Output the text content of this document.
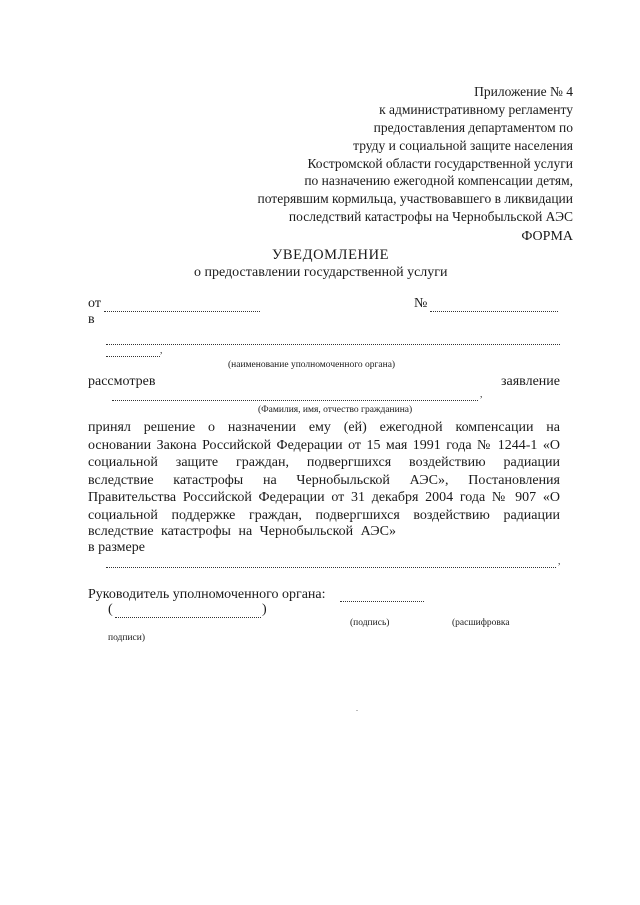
Приложение № 4
к административному регламенту
предоставления департаментом по
труду и социальной защите населения
Костромской области государственной услуги
по назначению ежегодной компенсации детям,
потерявшим кормильца, участвовавшего в ликвидации
последствий катастрофы на Чернобыльской АЭС
ФОРМА
УВЕДОМЛЕНИЕ
о предоставлении государственной услуги
от	№
в
,
(наименование уполномоченного органа)
рассмотрев	заявление
,
(Фамилия, имя, отчество гражданина)
принял решение о назначении ему (ей) ежегодной компенсации на
основании Закона Российской Федерации от 15 мая 1991 года № 1244-1 «О
социальной защите граждан, подвергшихся воздействию радиации
вследствие катастрофы на Чернобыльской АЭС», Постановления
Правительства Российской Федерации от 31 декабря 2004 года № 907 «О
социальной поддержке граждан, подвергшихся воздействию радиации
вследствие катастрофы на Чернобыльской АЭС»
в размере
,
Руководитель уполномоченного органа:
(	)
(подпись)	(расшифровка
подписи)
